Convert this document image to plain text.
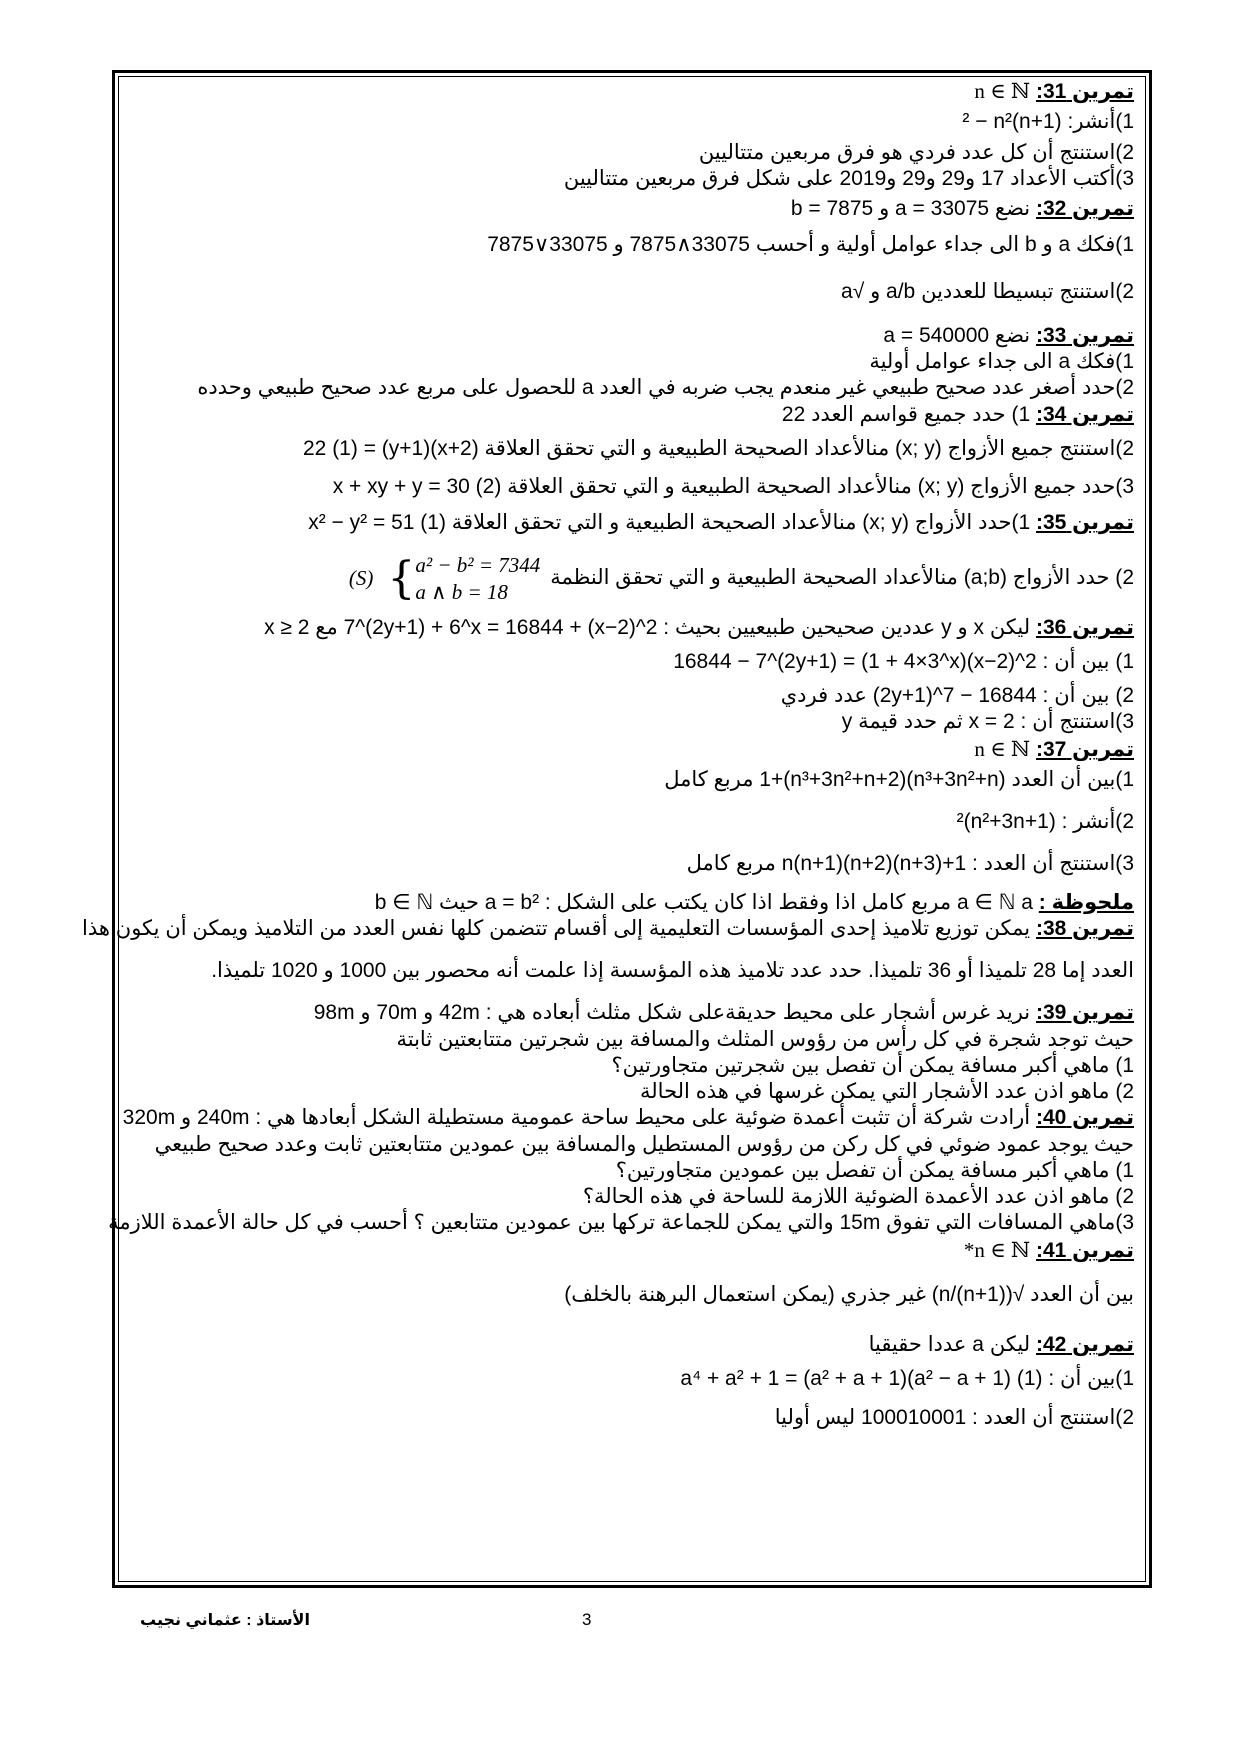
تمرين 31: n ∈ ℕ
1)أنشر: (n+1)² − n²
2)استنتج أن كل عدد فردي هو فرق مربعين متتاليين
3)أكتب الأعداد 17 و29 و29 و2019 على شكل فرق مربعين متتاليين
تمرين 32: نضع a = 33075 و b = 7875
1)فكك a و b الى جداء عوامل أولية و أحسب 33075∧7875 و 33075∨7875
2)استنتج تبسيطا للعددين a/b و √a
تمرين 33: نضع a = 540000
1)فكك a الى جداء عوامل أولية
2)حدد أصغر عدد صحيح طبيعي غير منعدم يجب ضربه في العدد a للحصول على مربع عدد صحيح طبيعي وحدده
تمرين 34: 1) حدد جميع قواسم العدد 22
2)استنتج جميع الأزواج (x; y) منالأعداد الصحيحة الطبيعية و التي تحقق العلاقة (x+2)(y+1) = 22 (1)
3)حدد جميع الأزواج (x; y) منالأعداد الصحيحة الطبيعية و التي تحقق العلاقة x + xy + y = 30 (2)
تمرين 35: 1)حدد الأزواج (x; y) منالأعداد الصحيحة الطبيعية و التي تحقق العلاقة x² − y² = 51 (1)
2) حدد الأزواج (a;b) منالأعداد الصحيحة الطبيعية و التي تحقق النظمة
(S) { a² − b² = 7344
a ∧ b = 18
تمرين 36: ليكن x و y عددين صحيحين طبيعيين بحيث : 2^(x−2) + 7^(2y+1) + 6^x = 16844 مع x ≥ 2
1) بين أن : 2^(x−2)(1 + 4×3^x) = 16844 − 7^(2y+1)
2) بين أن : 16844 − 7^(2y+1) عدد فردي
3)استنتج أن : x = 2 ثم حدد قيمة y
تمرين 37: n ∈ ℕ
1)بين أن العدد (n³+3n²+n)(n³+3n²+n+2)+1 مربع كامل
2)أنشر : (n²+3n+1)²
3)استنتج أن العدد : n(n+1)(n+2)(n+3)+1 مربع كامل
ملحوظة : a ∈ ℕ a مربع كامل اذا وفقط اذا كان يكتب على الشكل : a = b² حيث b ∈ ℕ
تمرين 38: يمكن توزيع تلاميذ إحدى المؤسسات التعليمية إلى أقسام تتضمن كلها نفس العدد من التلاميذ ويمكن أن يكون هذا
العدد إما 28 تلميذا أو 36 تلميذا. حدد عدد تلاميذ هذه المؤسسة إذا علمت أنه محصور بين 1000 و 1020 تلميذا.
تمرين 39: نريد غرس أشجار على محيط حديقةعلى شكل مثلث أبعاده هي : 42m و 70m و 98m
حيث توجد شجرة في كل رأس من رؤوس المثلث والمسافة بين شجرتين متتابعتين ثابتة
1) ماهي أكبر مسافة يمكن أن تفصل بين شجرتين متجاورتين؟
2) ماهو اذن عدد الأشجار التي يمكن غرسها في هذه الحالة
تمرين 40: أرادت شركة أن تثبت أعمدة ضوئية على محيط ساحة عمومية مستطيلة الشكل أبعادها هي : 240m و 320m
حيث يوجد عمود ضوئي في كل ركن من رؤوس المستطيل والمسافة بين عمودين متتابعتين ثابت وعدد صحيح طبيعي
1) ماهي أكبر مسافة يمكن أن تفصل بين عمودين متجاورتين؟
2) ماهو اذن عدد الأعمدة الضوئية اللازمة للساحة في هذه الحالة؟
3)ماهي المسافات التي تفوق 15m والتي يمكن للجماعة تركها بين عمودين متتابعين ؟ أحسب في كل حالة الأعمدة اللازمة
تمرين 41: n ∈ ℕ*
بين أن العدد √(n/(n+1)) غير جذري (يمكن استعمال البرهنة بالخلف)
تمرين 42: ليكن a عددا حقيقيا
1)بين أن : a⁴ + a² + 1 = (a² + a + 1)(a² − a + 1) (1)
2)استنتج أن العدد : 100010001 ليس أوليا
الأستاذ : عثماني نجيب	3
